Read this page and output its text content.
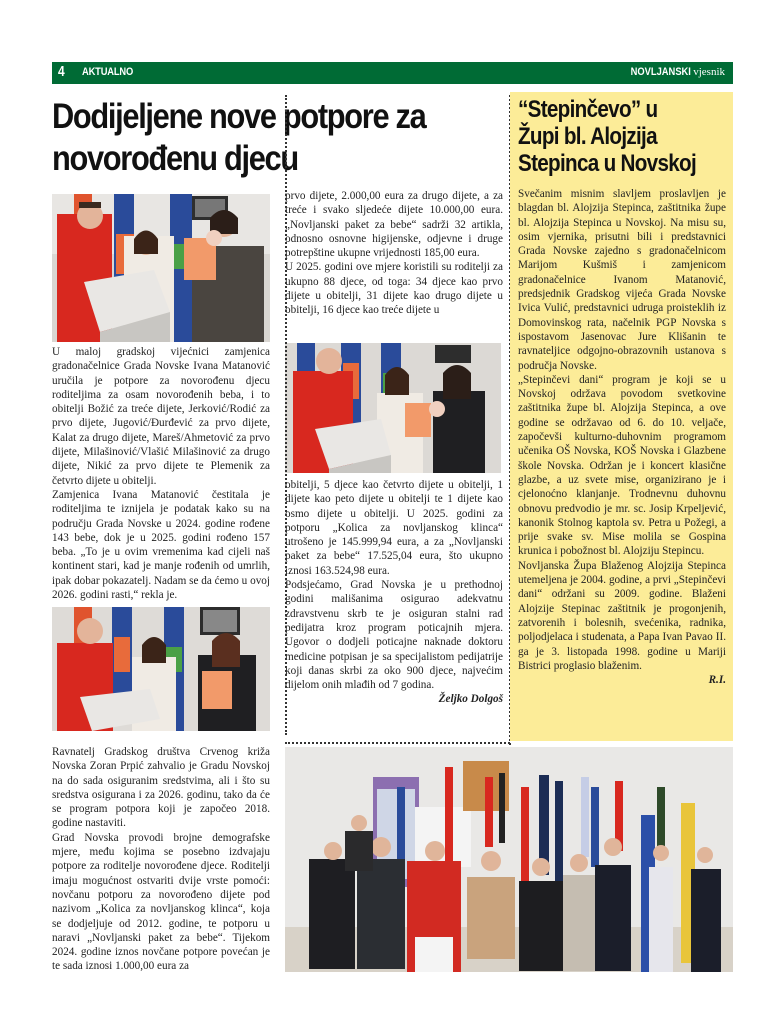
4 AKTUALNO	NOVLJANSKI vjesnik
Dodijeljene nove potpore za novorođenu djecu

U maloj gradskoj vijećnici zamjenica gradonačelnice Grada Novske Ivana Matanović uručila je potpore za novorođenu djecu roditeljima za osam novorođenih beba, i to obitelji Božić za treće dijete, Jerković/Rodić za prvo dijete, Jugović/Đurđević za prvo dijete, Kalat za drugo dijete, Mareš/Ahmetović za prvo dijete, Milašinović/Vlašić Milašinović za drugo dijete, Nikić za prvo dijete te Plemenik za četvrto dijete u obitelji.

Zamjenica Ivana Matanović čestitala je roditeljima te iznijela je podatak kako su na području Grada Novske u 2024. godine rođene 143 bebe, dok je u 2025. godini rođeno 157 beba. „To je u ovim vremenima kad cijeli naš kontinent stari, kad je manje rođenih od umrlih, ipak dobar pokazatelj. Nadam se da ćemo u ovoj 2026. godini rasti,“ rekla je.

Ravnatelj Gradskog društva Crvenog križa Novska Zoran Prpić zahvalio je Gradu Novskoj na do sada osiguranim sredstvima, ali i što su sredstva osigurana i za 2026. godinu, tako da će se program potpora koji je započeo 2018. godine nastaviti.

Grad Novska provodi brojne demografske mjere, među kojima se posebno izdvajaju potpore za roditelje novorođene djece. Roditelji imaju mogućnost ostvariti dvije vrste pomoći: novčanu potporu za novorođeno dijete pod nazivom „Kolica za novljanskog klinca“, koja se dodjeljuje od 2012. godine, te potporu u naravi „Novljanski paket za bebe“. Tijekom 2024. godine iznos novčane potpore povećan je te sada iznosi 1.000,00 eura za

prvo dijete, 2.000,00 eura za drugo dijete, a za treće i svako sljedeće dijete 10.000,00 eura. „Novljanski paket za bebe“ sadrži 32 artikla, odnosno osnovne higijenske, odjevne i druge potrepštine ukupne vrijednosti 185,00 eura.

U 2025. godini ove mjere koristili su roditelji za ukupno 88 djece, od toga: 34 djece kao prvo dijete u obitelji, 31 dijete kao drugo dijete u obitelji, 16 djece kao treće dijete u

obitelji, 5 djece kao četvrto dijete u obitelji, 1 dijete kao peto dijete u obitelji te 1 dijete kao osmo dijete u obitelji. U 2025. godini za potporu „Kolica za novljanskog klinca“ utrošeno je 145.999,94 eura, a za „Novljanski paket za bebe“ 17.525,04 eura, što ukupno iznosi 163.524,98 eura.

Podsjećamo, Grad Novska je u prethodnoj godini mališanima osigurao adekvatnu zdravstvenu skrb te je osiguran stalni rad pedijatra kroz program poticajnih mjera. Ugovor o dodjeli poticajne naknade doktoru medicine potpisan je sa specijalistom pedijatrije koji danas skrbi za oko 900 djece, najvećim dijelom onih mlađih od 7 godina.

Željko Dolgoš

“Stepinčevo” u Župi bl. Alojzija Stepinca u Novskoj

Svečanim misnim slavljem proslavljen je blagdan bl. Alojzija Stepinca, zaštitnika župe bl. Alojzija Stepinca u Novskoj. Na misu su, osim vjernika, prisutni bili i predstavnici Grada Novske zajedno s gradonačelnicom Marijom Kušmiš i zamjenicom gradonačelnice Ivanom Matanović, predsjednik Gradskog vijeća Grada Novske Ivica Vulić, predstavnici udruga proisteklih iz Domovinskog rata, načelnik PGP Novska s ispostavom Jasenovac Jure Klišanin te ravnateljice odgojno-obrazovnih ustanova s područja Novske.

„Stepinčevi dani“ program je koji se u Novskoj održava povodom svetkovine zaštitnika župe bl. Alojzija Stepinca, a ove godine se održavao od 6. do 10. veljače, započevši kulturno-duhovnim programom učenika OŠ Novska, KOŠ Novska i Glazbene škole Novska. Održan je i koncert klasične glazbe, a uz svete mise, organizirano je i cjelonoćno klanjanje. Trodnevnu duhovnu obnovu predvodio je mr. sc. Josip Krpeljević, kanonik Stolnog kaptola sv. Petra u Požegi, a prije svake sv. Mise molila se Gospina krunica i pobožnost bl. Alojziju Stepincu.

Novljanska Župa Blaženog Alojzija Stepinca utemeljena je 2004. godine, a prvi „Stepinčevi dani“ održani su 2009. godine. Blaženi Alojzije Stepinac zaštitnik je progonjenih, zatvorenih i bolesnih, svećenika, radnika, poljodjelaca i studenata, a Papa Ivan Pavao II. ga je 3. listopada 1998. godine u Mariji Bistrici proglasio blaženim.

R.I.
